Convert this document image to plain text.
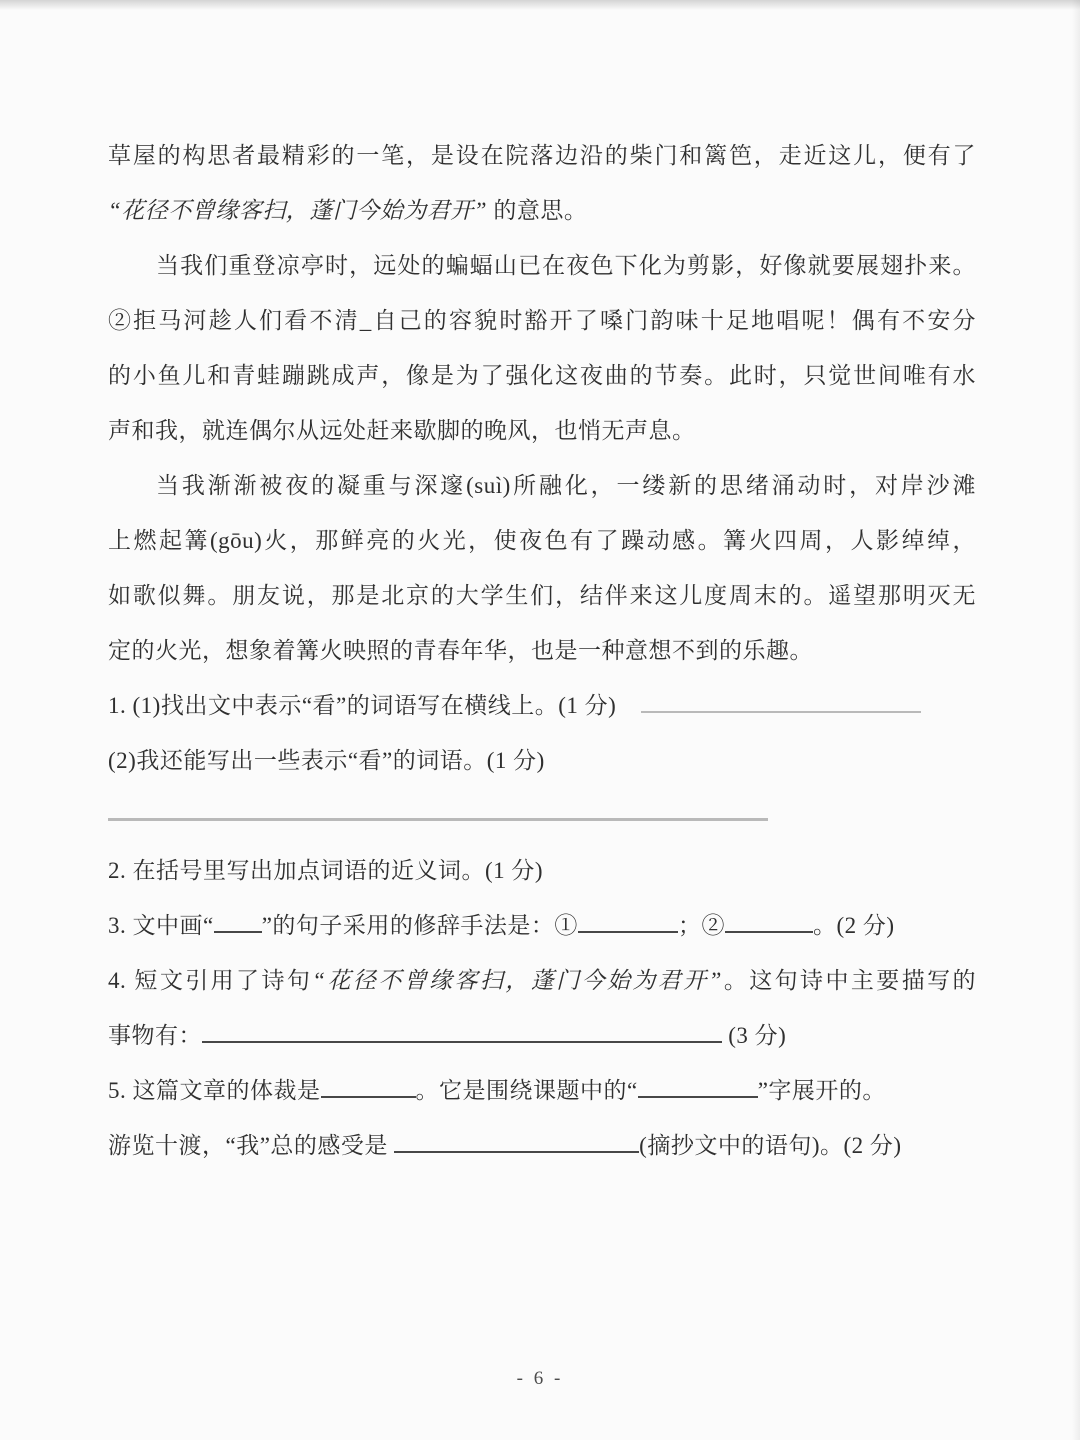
草屋的构思者最精彩的一笔，是设在院落边沿的柴门和篱笆，走近这儿，便有了
“花径不曾缘客扫，蓬门今始为君开” 的意思。
当我们重登凉亭时，远处的蝙蝠山已在夜色下化为剪影，好像就要展翅扑来。
②拒马河趁人们看不清_自己的容貌时豁开了嗓门韵味十足地唱呢！偶有不安分
的小鱼儿和青蛙蹦跳成声，像是为了强化这夜曲的节奏。此时，只觉世间唯有水
声和我，就连偶尔从远处赶来歇脚的晚风，也悄无声息。
当我渐渐被夜的凝重与深邃(suì)所融化，一缕新的思绪涌动时，对岸沙滩
上燃起篝(gōu)火，那鲜亮的火光，使夜色有了躁动感。篝火四周，人影绰绰，
如歌似舞。朋友说，那是北京的大学生们，结伴来这儿度周末的。遥望那明灭无
定的火光，想象着篝火映照的青春年华，也是一种意想不到的乐趣。
1. (1)找出文中表示“看”的词语写在横线上。(1 分)
(2)我还能写出一些表示“看”的词语。(1 分)
2. 在括号里写出加点词语的近义词。(1 分)
3. 文中画“ ”的句子采用的修辞手法是：①	；②	。(2 分)
4. 短文引用了诗句“花径不曾缘客扫，蓬门今始为君开”。这句诗中主要描写的
事物有：	(3 分)
5. 这篇文章的体裁是	。它是围绕课题中的“	”字展开的。
游览十渡，“我”总的感受是	(摘抄文中的语句)。(2 分)
- 6 -
